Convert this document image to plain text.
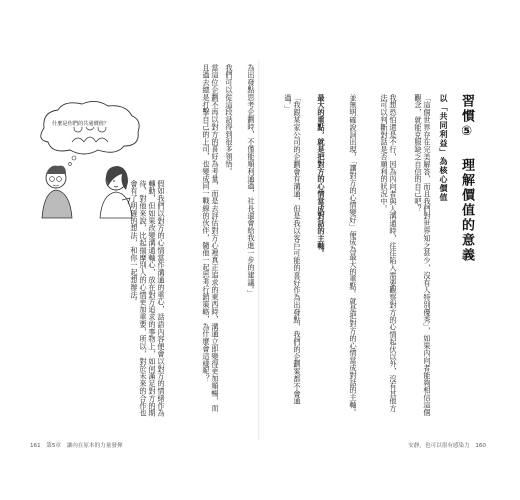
為出發點思考企劃時，不僅能順利通過，社長還會給我進一步的建議。」
我們可以從這段話得到很多領悟。
當這位企劃不再以對方的喜好為考量，而是去評估對方心裡真正追求的東西時，溝通立即變得更加順暢，而且過去總是打擊自己的上司，也變成同一戰線的伙伴，隨他一起思考行銷策略，為什麼會這樣呢？
假如我們以對方的心情當作溝通的重心，話語內容便會以對方的情緒作為轉動，但如果改變溝通軸心，放在對方追求的事物上，如何滿足對方的期待，對他來說，比起揣摩別人的心情更加重要，所以，對於未來的合作也會有了明確的想法，和你一起想辦法。
什麼是你們的共通價值？
161　第5章　讓內在原本的力量發揮
習慣⑤ 理解價值的意義
以「共同利益」為核心價值
「這個世界存在完美解答，而且我們對世界知之甚少，沒有人特別優秀」，如果內向者能夠相信這個觀念，就能克服缺乏自信的自己吧？
我想恐怕還是不行，因為內向者與人溝通時，往往陷入需要觀察對方的心情起伏以外，沒有其他方法可以判斷對話是否順利的狀況中。
並無明確說詞出現，「讓對方的心情變好」便成為最大的重點。就是把對方的心情當成對話的主軸。
最大的重點，就是把對方的心情當成對話的主軸。
「我跟某家公司的企劃會有溝通，但是我以客戶可能的喜好作為出發點，我們的企劃案都不會通過。」
安靜，也可以很有感染力　160
